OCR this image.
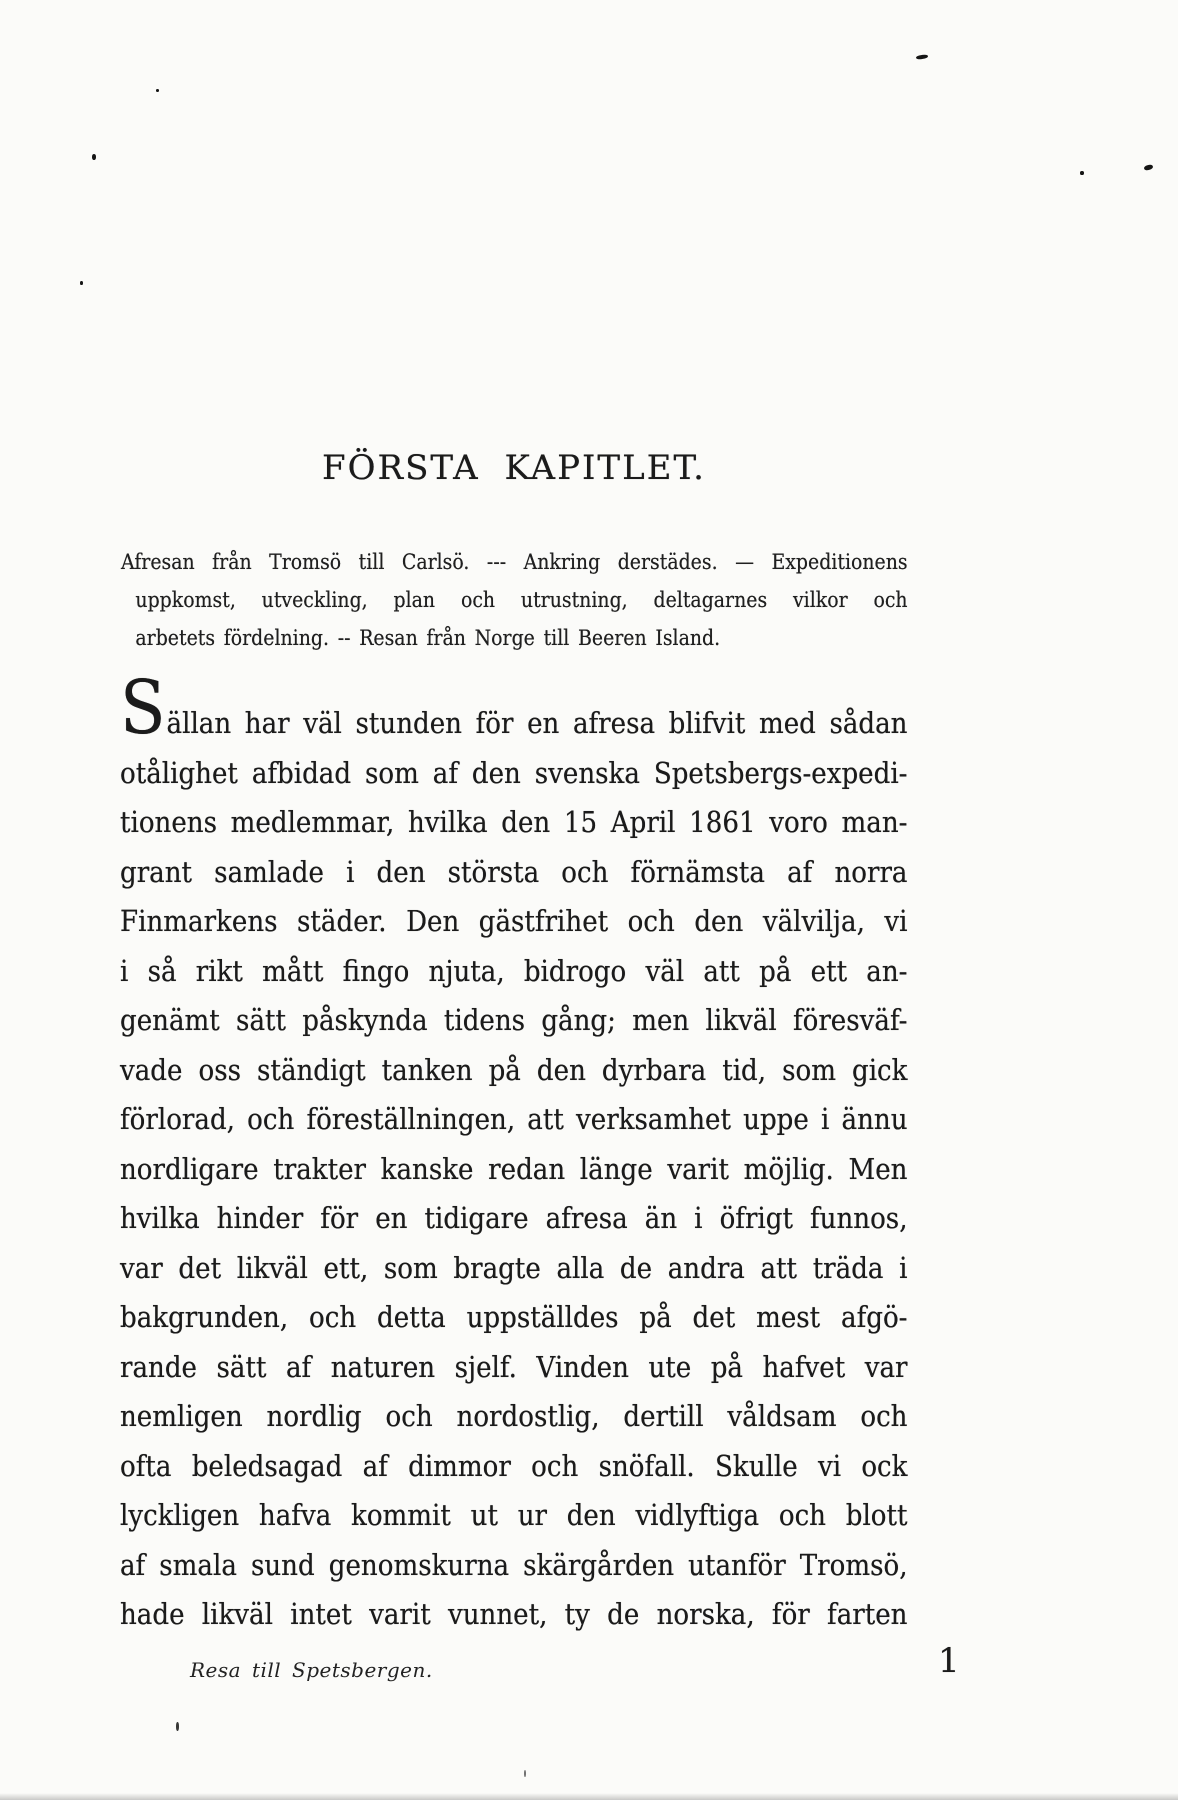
FÖRSTA KAPITLET.
Afresan från Tromsö till Carlsö. --- Ankring derstädes. — Expeditionens
uppkomst, utveckling, plan och utrustning, deltagarnes vilkor och
arbetets fördelning. -- Resan från Norge till Beeren Island.
Sällan har väl stunden för en afresa blifvit med sådan
otålighet afbidad som af den svenska Spetsbergs-expedi-
tionens medlemmar, hvilka den 15 April 1861 voro man-
grant samlade i den största och förnämsta af norra
Finmarkens städer. Den gästfrihet och den välvilja, vi
i så rikt mått fingo njuta, bidrogo väl att på ett an-
genämt sätt påskynda tidens gång; men likväl föresväf-
vade oss ständigt tanken på den dyrbara tid, som gick
förlorad, och föreställningen, att verksamhet uppe i ännu
nordligare trakter kanske redan länge varit möjlig. Men
hvilka hinder för en tidigare afresa än i öfrigt funnos,
var det likväl ett, som bragte alla de andra att träda i
bakgrunden, och detta uppställdes på det mest afgö-
rande sätt af naturen sjelf. Vinden ute på hafvet var
nemligen nordlig och nordostlig, dertill våldsam och
ofta beledsagad af dimmor och snöfall. Skulle vi ock
lyckligen hafva kommit ut ur den vidlyftiga och blott
af smala sund genomskurna skärgården utanför Tromsö,
hade likväl intet varit vunnet, ty de norska, för farten
Resa till Spetsbergen.	1
